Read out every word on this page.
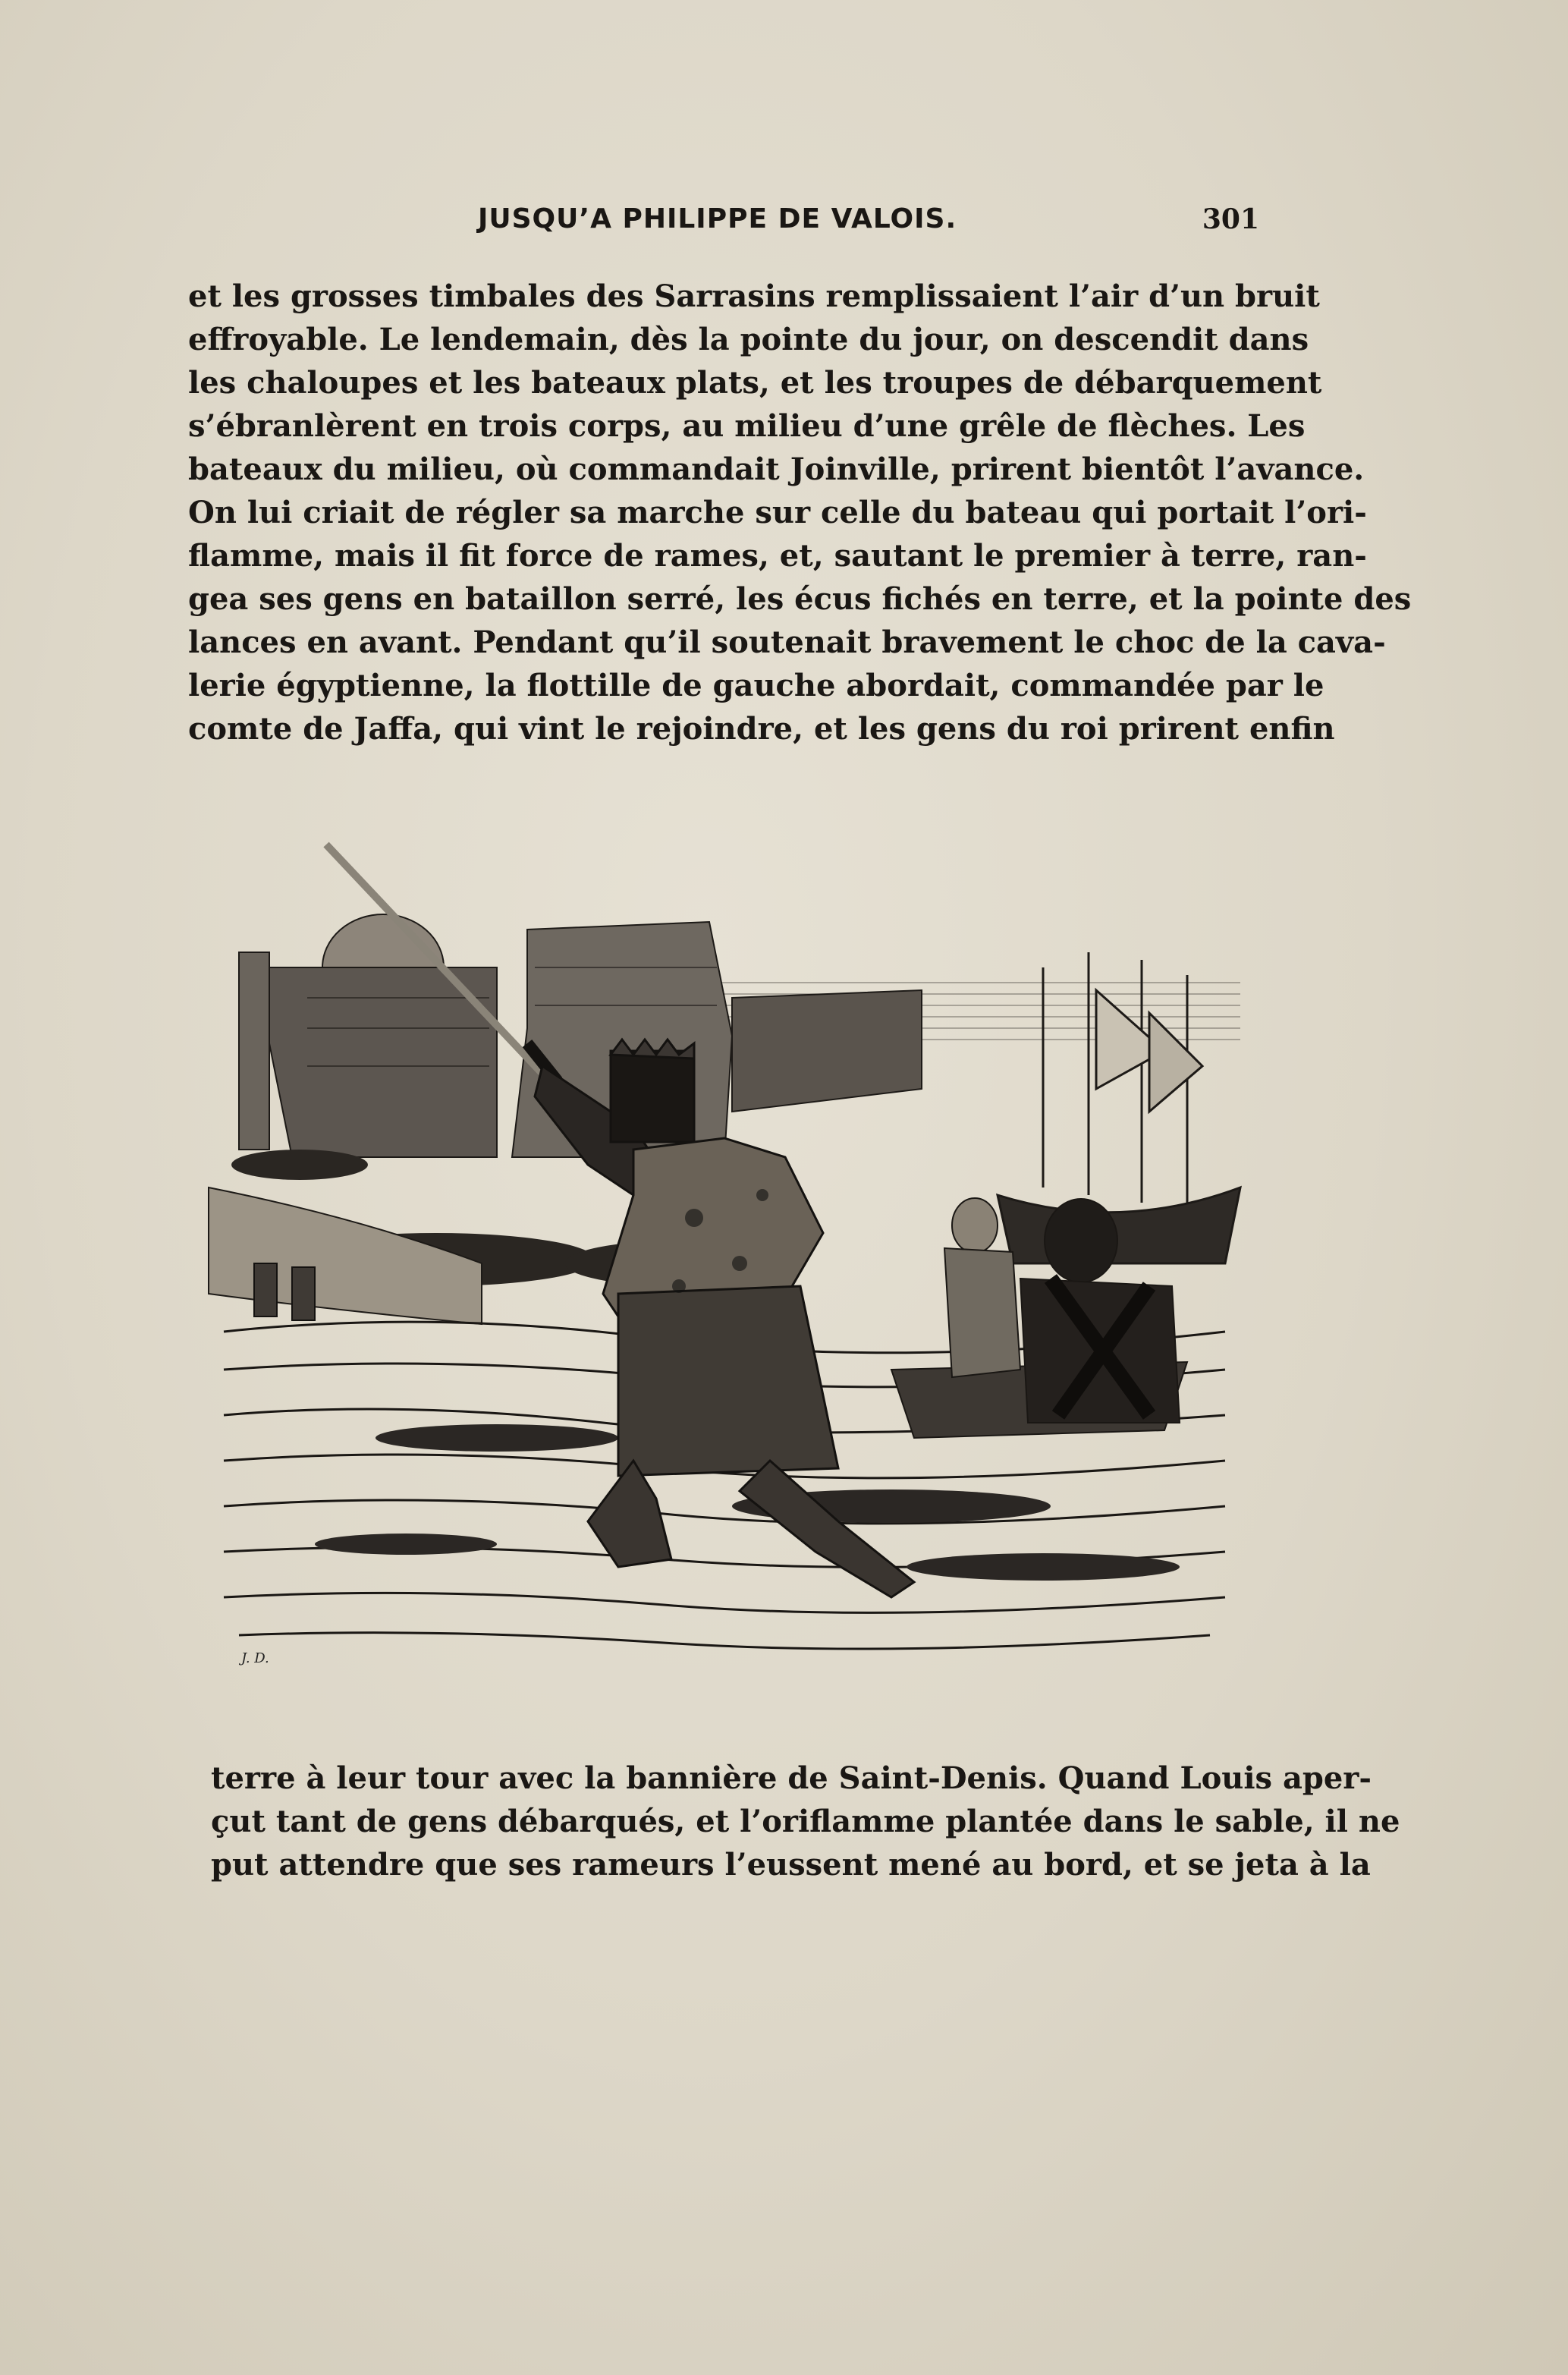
JUSQU’A PHILIPPE DE VALOIS.	301
et les grosses timbales des Sarrasins remplissaient l’air d’un bruit
effroyable. Le lendemain, dès la pointe du jour, on descendit dans
les chaloupes et les bateaux plats, et les troupes de débarquement
s’ébranlèrent en trois corps, au milieu d’une grêle de flèches. Les
bateaux du milieu, où commandait Joinville, prirent bientôt l’avance.
On lui criait de régler sa marche sur celle du bateau qui portait l’ori-
flamme, mais il fit force de rames, et, sautant le premier à terre, ran-
gea ses gens en bataillon serré, les écus fichés en terre, et la pointe des
lances en avant. Pendant qu’il soutenait bravement le choc de la cava-
lerie égyptienne, la flottille de gauche abordait, commandée par le
comte de Jaffa, qui vint le rejoindre, et les gens du roi prirent enfin
J. D.
terre à leur tour avec la bannière de Saint-Denis. Quand Louis aper-
çut tant de gens débarqués, et l’oriflamme plantée dans le sable, il ne
put attendre que ses rameurs l’eussent mené au bord, et se jeta à la
